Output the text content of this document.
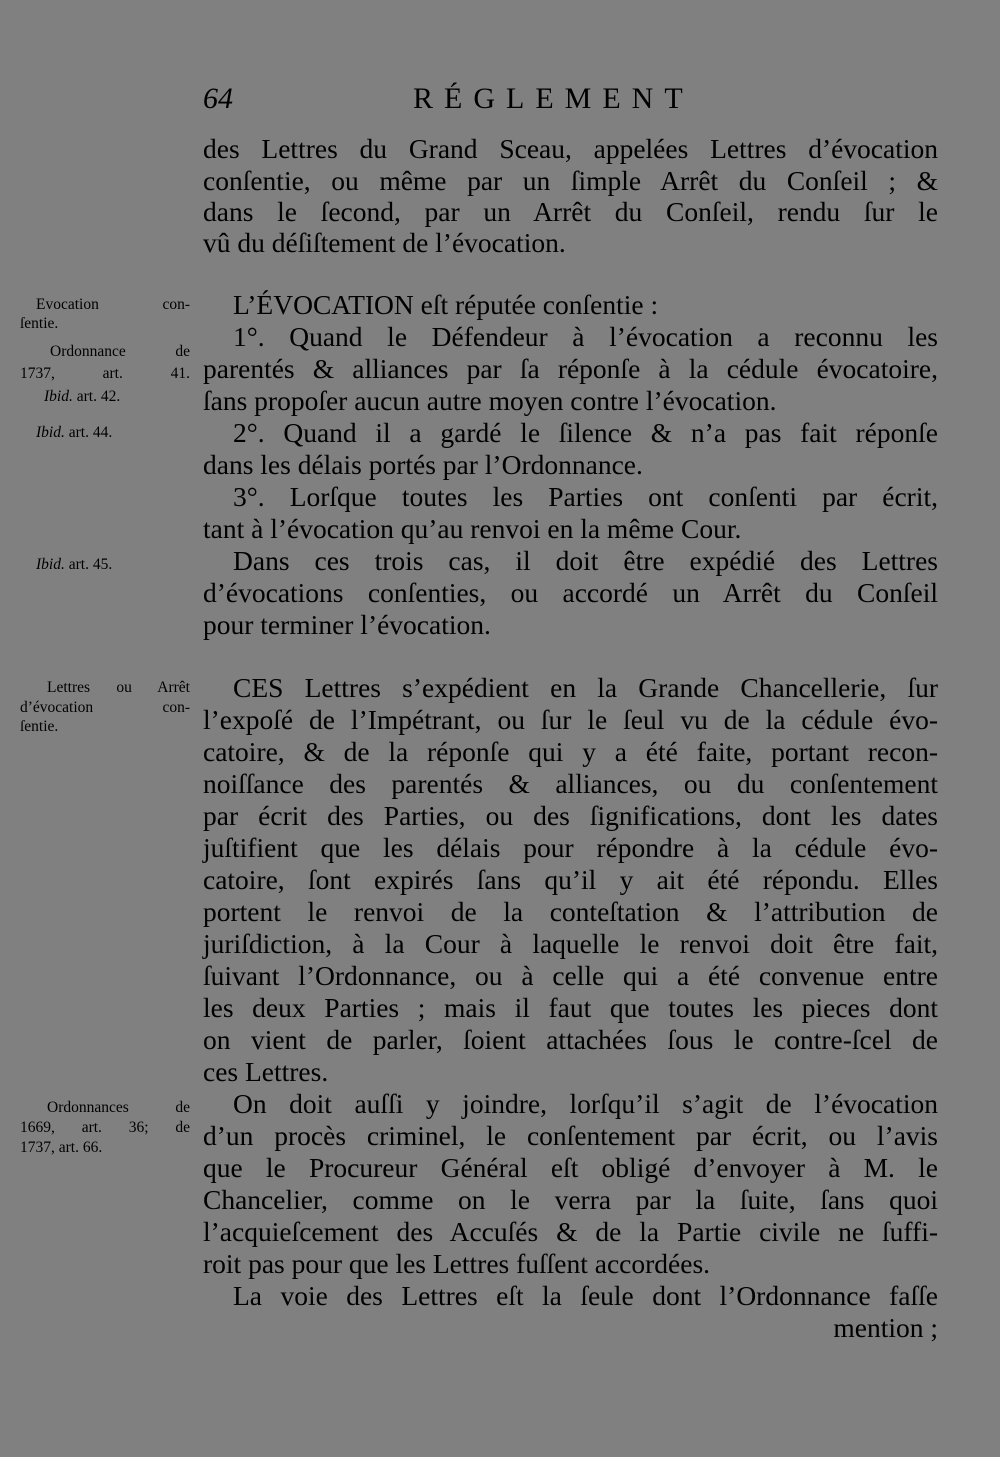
64	RÉGLEMENT
des Lettres du Grand Sceau, appelées Lettres d’évocation
conſentie, ou même par un ſimple Arrêt du Conſeil ; &
dans le ſecond, par un Arrêt du Conſeil, rendu ſur le
vû du déſiſtement de l’évocation.
L’ÉVOCATION eſt réputée conſentie :
1°. Quand le Défendeur à l’évocation a reconnu les
parentés & alliances par ſa réponſe à la cédule évocatoire,
ſans propoſer aucun autre moyen contre l’évocation.
2°. Quand il a gardé le ſilence & n’a pas fait réponſe
dans les délais portés par l’Ordonnance.
3°. Lorſque toutes les Parties ont conſenti par écrit,
tant à l’évocation qu’au renvoi en la même Cour.
Dans ces trois cas, il doit être expédié des Lettres
d’évocations conſenties, ou accordé un Arrêt du Conſeil
pour terminer l’évocation.
CES Lettres s’expédient en la Grande Chancellerie, ſur
l’expoſé de l’Impétrant, ou ſur le ſeul vu de la cédule évo-
catoire, & de la réponſe qui y a été faite, portant recon-
noiſſance des parentés & alliances, ou du conſentement
par écrit des Parties, ou des ſignifications, dont les dates
juſtifient que les délais pour répondre à la cédule évo-
catoire, ſont expirés ſans qu’il y ait été répondu. Elles
portent le renvoi de la conteſtation & l’attribution de
juriſdiction, à la Cour à laquelle le renvoi doit être fait,
ſuivant l’Ordonnance, ou à celle qui a été convenue entre
les deux Parties ; mais il faut que toutes les pieces dont
on vient de parler, ſoient attachées ſous le contre-ſcel de
ces Lettres.
On doit auſſi y joindre, lorſqu’il s’agit de l’évocation
d’un procès criminel, le conſentement par écrit, ou l’avis
que le Procureur Général eſt obligé d’envoyer à M. le
Chancelier, comme on le verra par la ſuite, ſans quoi
l’acquieſcement des Accuſés & de la Partie civile ne ſuffi-
roit pas pour que les Lettres fuſſent accordées.
La voie des Lettres eſt la ſeule dont l’Ordonnance faſſe
mention ;
Evocation con-
ſentie.
Ordonnance de
1737, art. 41.
Ibid. art. 42.
Ibid. art. 44.
Ibid. art. 45.
Lettres ou Arrêt
d’évocation con-
ſentie.
Ordonnances de
1669, art. 36; de
1737, art. 66.
